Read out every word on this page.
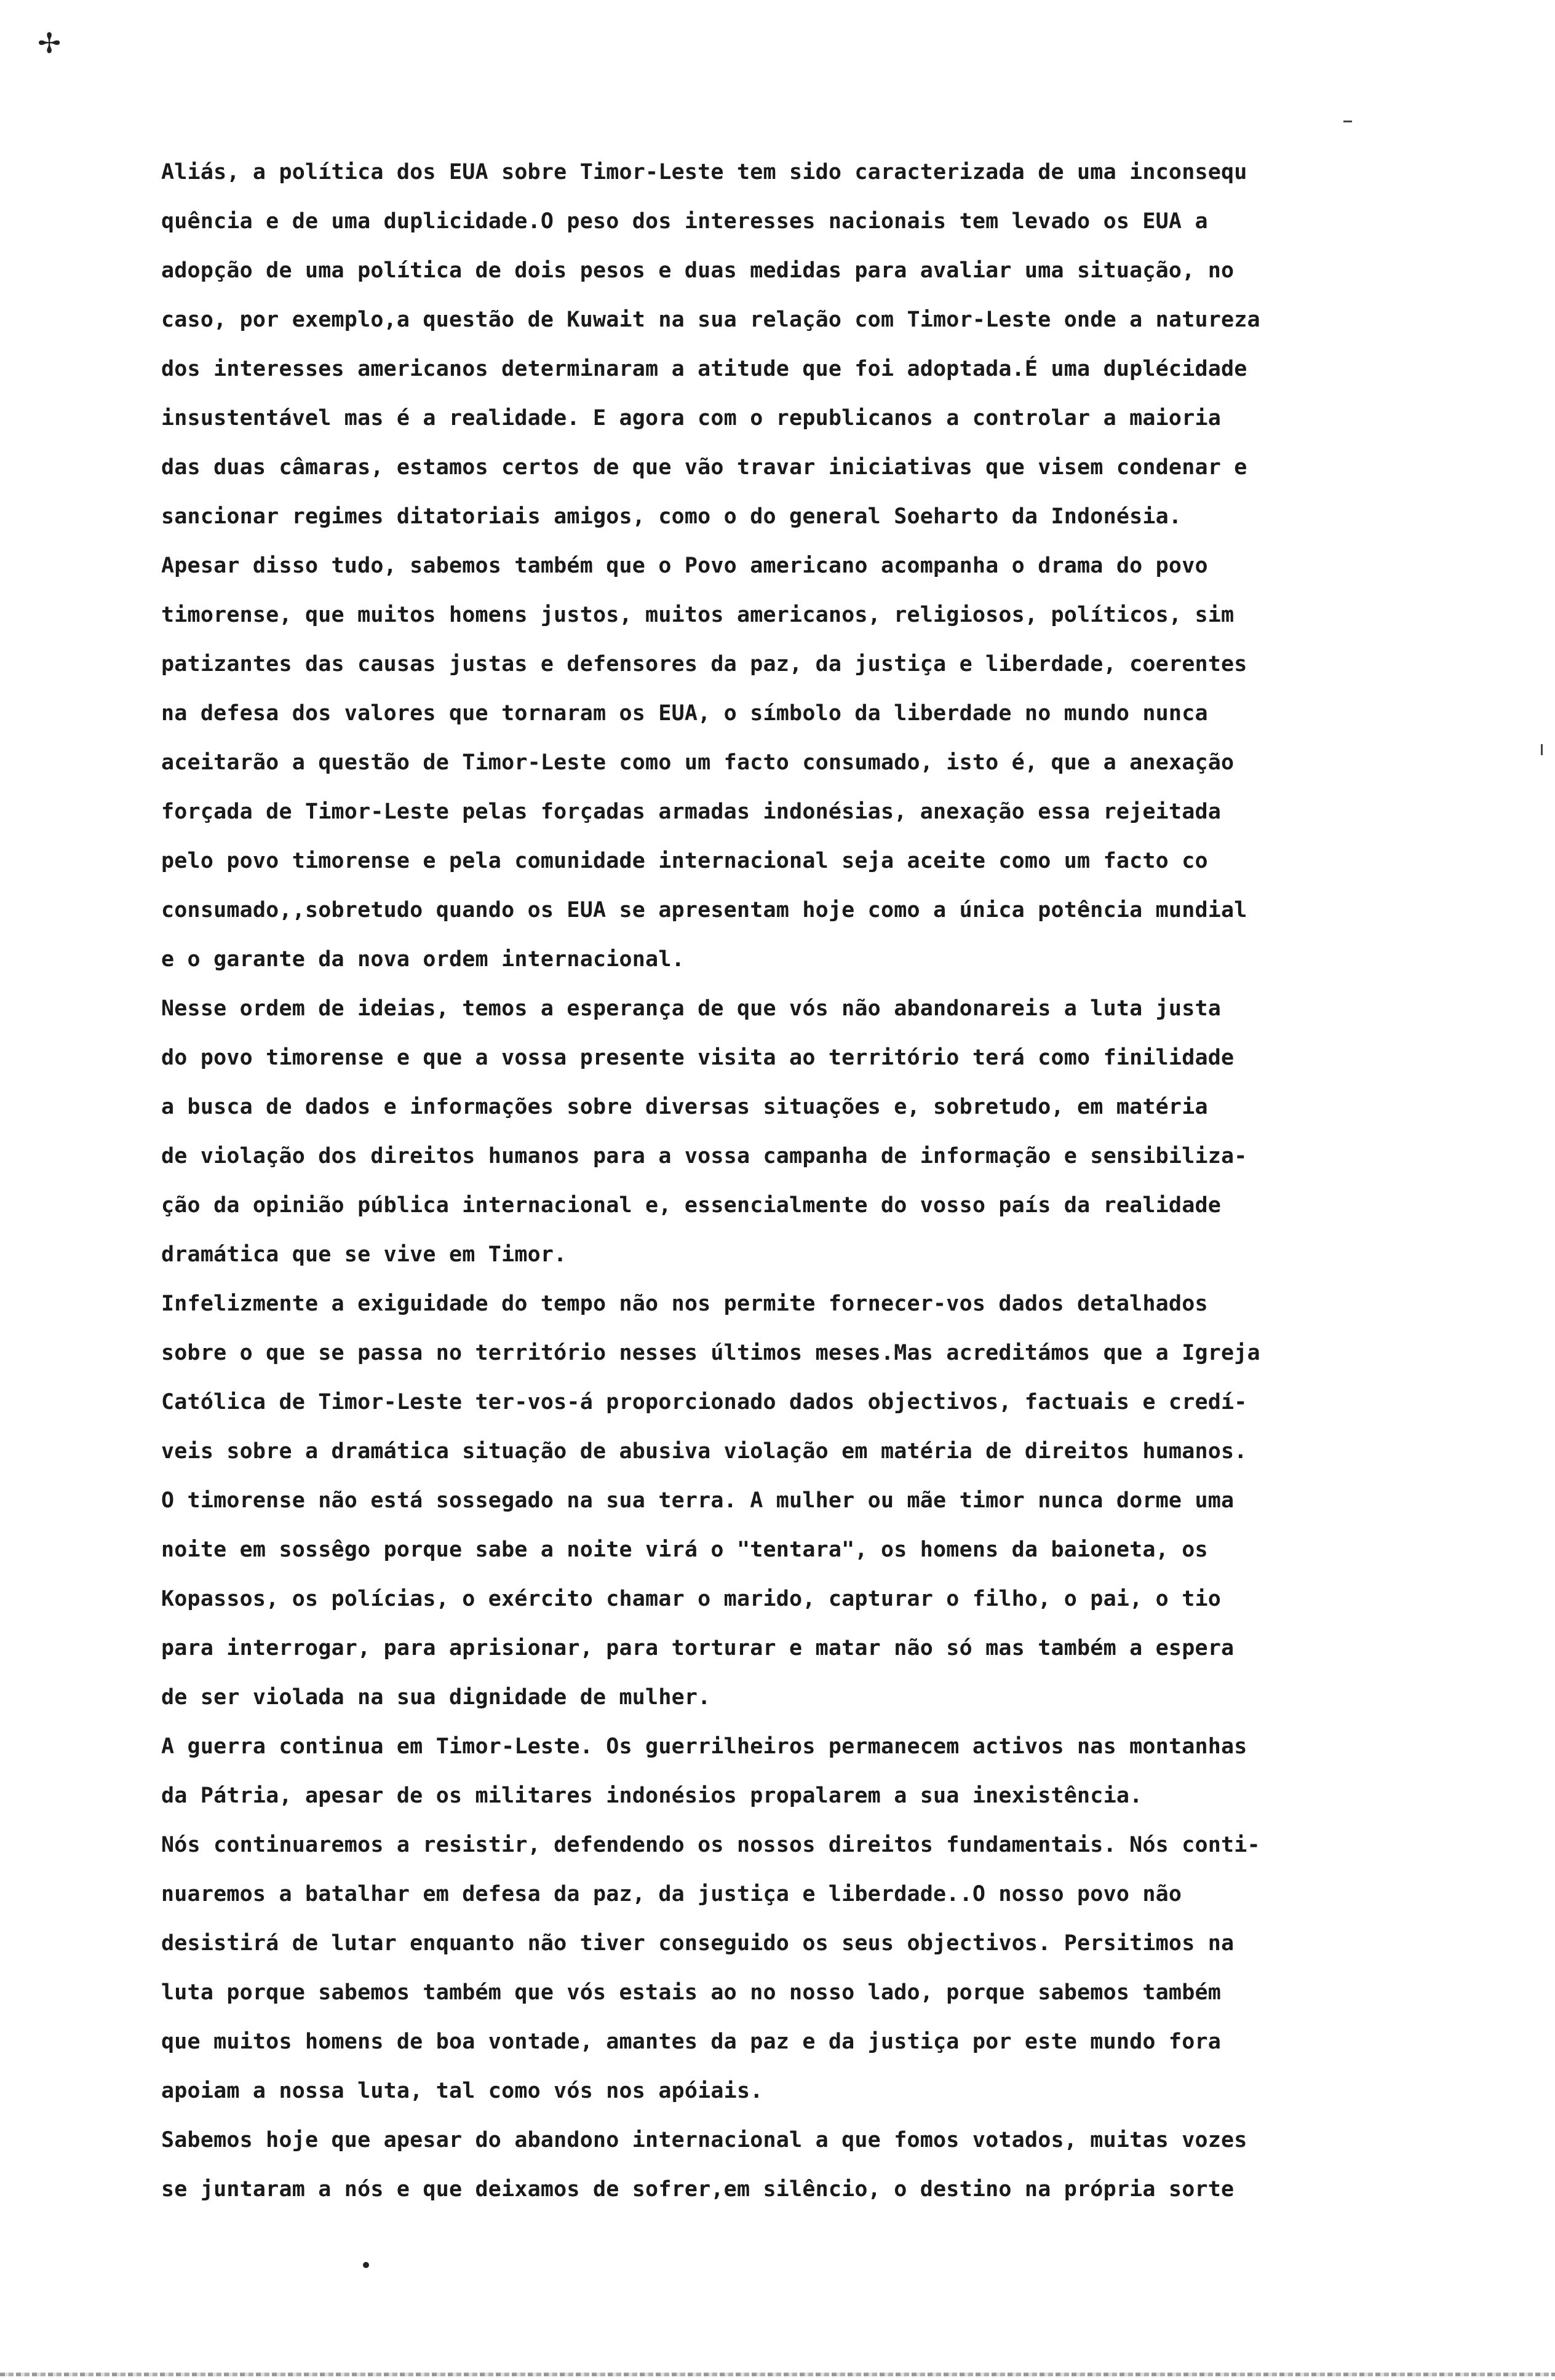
✢
Aliás, a política dos EUA sobre Timor-Leste tem sido caracterizada de uma inconsequ
quência e de uma duplicidade.O peso dos interesses nacionais tem levado os EUA a
adopção de uma política de dois pesos e duas medidas para avaliar uma situação, no
caso, por exemplo,a questão de Kuwait na sua relação com Timor-Leste onde a natureza
dos interesses americanos determinaram a atitude que foi adoptada.É uma duplécidade
insustentável mas é a realidade. E agora com o republicanos a controlar a maioria
das duas câmaras, estamos certos de que vão travar iniciativas que visem condenar e
sancionar regimes ditatoriais amigos, como o do general Soeharto da Indonésia.
Apesar disso tudo, sabemos também que o Povo americano acompanha o drama do povo
timorense, que muitos homens justos, muitos americanos, religiosos, políticos, sim
patizantes das causas justas e defensores da paz, da justiça e liberdade, coerentes
na defesa dos valores que tornaram os EUA, o símbolo da liberdade no mundo nunca
aceitarão a questão de Timor-Leste como um facto consumado, isto é, que a anexação
forçada de Timor-Leste pelas forçadas armadas indonésias, anexação essa rejeitada
pelo povo timorense e pela comunidade internacional seja aceite como um facto co
consumado,,sobretudo quando os EUA se apresentam hoje como a única potência mundial
e o garante da nova ordem internacional.
Nesse ordem de ideias, temos a esperança de que vós não abandonareis a luta justa
do povo timorense e que a vossa presente visita ao território terá como finilidade
a busca de dados e informações sobre diversas situações e, sobretudo, em matéria
de violação dos direitos humanos para a vossa campanha de informação e sensibiliza-
ção da opinião pública internacional e, essencialmente do vosso país da realidade
dramática que se vive em Timor.
Infelizmente a exiguidade do tempo não nos permite fornecer-vos dados detalhados
sobre o que se passa no território nesses últimos meses.Mas acreditámos que a Igreja
Católica de Timor-Leste ter-vos-á proporcionado dados objectivos, factuais e credí-
veis sobre a dramática situação de abusiva violação em matéria de direitos humanos.
O timorense não está sossegado na sua terra. A mulher ou mãe timor nunca dorme uma
noite em sossêgo porque sabe a noite virá o "tentara", os homens da baioneta, os
Kopassos, os polícias, o exército chamar o marido, capturar o filho, o pai, o tio
para interrogar, para aprisionar, para torturar e matar não só mas também a espera
de ser violada na sua dignidade de mulher.
A guerra continua em Timor-Leste. Os guerrilheiros permanecem activos nas montanhas
da Pátria, apesar de os militares indonésios propalarem a sua inexistência.
Nós continuaremos a resistir, defendendo os nossos direitos fundamentais. Nós conti-
nuaremos a batalhar em defesa da paz, da justiça e liberdade..O nosso povo não
desistirá de lutar enquanto não tiver conseguido os seus objectivos. Persitimos na
luta porque sabemos também que vós estais ao no nosso lado, porque sabemos também
que muitos homens de boa vontade, amantes da paz e da justiça por este mundo fora
apoiam a nossa luta, tal como vós nos apóiais.
Sabemos hoje que apesar do abandono internacional a que fomos votados, muitas vozes
se juntaram a nós e que deixamos de sofrer,em silêncio, o destino na própria sorte
